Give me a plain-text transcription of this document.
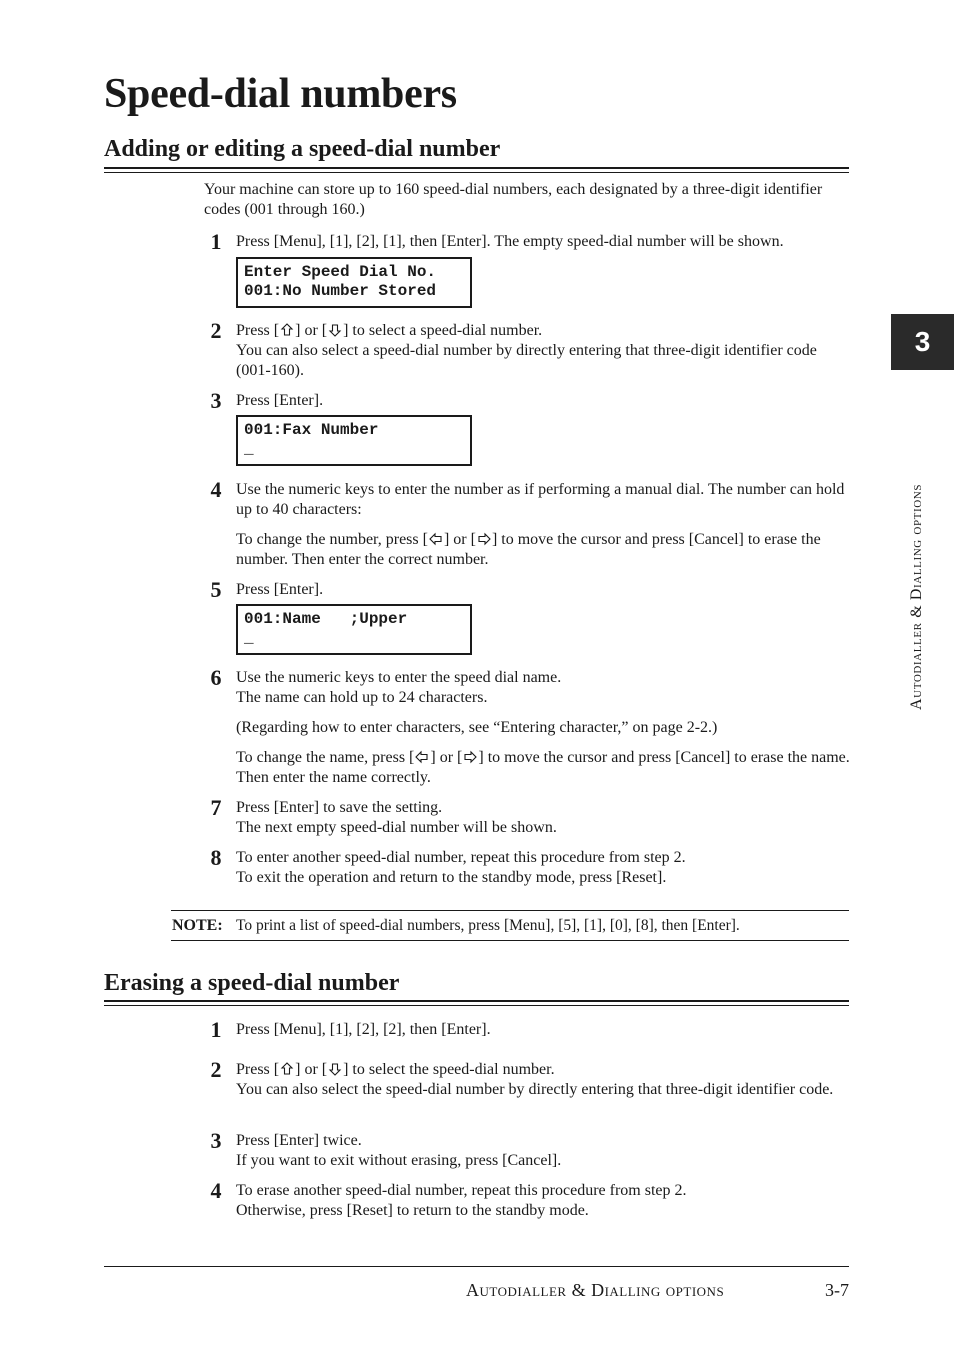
Speed-dial numbers
Adding or editing a speed-dial number

Your machine can store up to 160 speed-dial numbers, each designated by a three-digit identifier codes (001 through 160.)

1 Press [Menu], [1], [2], [1], then [Enter]. The empty speed-dial number will be shown.
Enter Speed Dial No.
001:No Number Stored
2 Press [ ] or [ ] to select a speed-dial number.
You can also select a speed-dial number by directly entering that three-digit identifier code (001-160).
3 Press [Enter].
001:Fax Number
_
4 Use the numeric keys to enter the number as if performing a manual dial. The number can hold up to 40 characters:
To change the number, press [ ] or [ ] to move the cursor and press [Cancel] to erase the number. Then enter the correct number.
5 Press [Enter].
001:Name   ;Upper
_
6 Use the numeric keys to enter the speed dial name.
The name can hold up to 24 characters.
(Regarding how to enter characters, see “Entering character,” on page 2-2.)
To change the name, press [ ] or [ ] to move the cursor and press [Cancel] to erase the name. Then enter the name correctly.
7 Press [Enter] to save the setting.
The next empty speed-dial number will be shown.
8 To enter another speed-dial number, repeat this procedure from step 2.
To exit the operation and return to the standby mode, press [Reset].
NOTE: To print a list of speed-dial numbers, press [Menu], [5], [1], [0], [8], then [Enter].
Erasing a speed-dial number
1 Press [Menu], [1], [2], [2], then [Enter].
2 Press [ ] or [ ] to select the speed-dial number.
You can also select the speed-dial number by directly entering that three-digit identifier code.
3 Press [Enter] twice.
If you want to exit without erasing, press [Cancel].
4 To erase another speed-dial number, repeat this procedure from step 2.
Otherwise, press [Reset] to return to the standby mode.
3
Autodialler & Dialling options
Autodialler & Dialling options	3-7
